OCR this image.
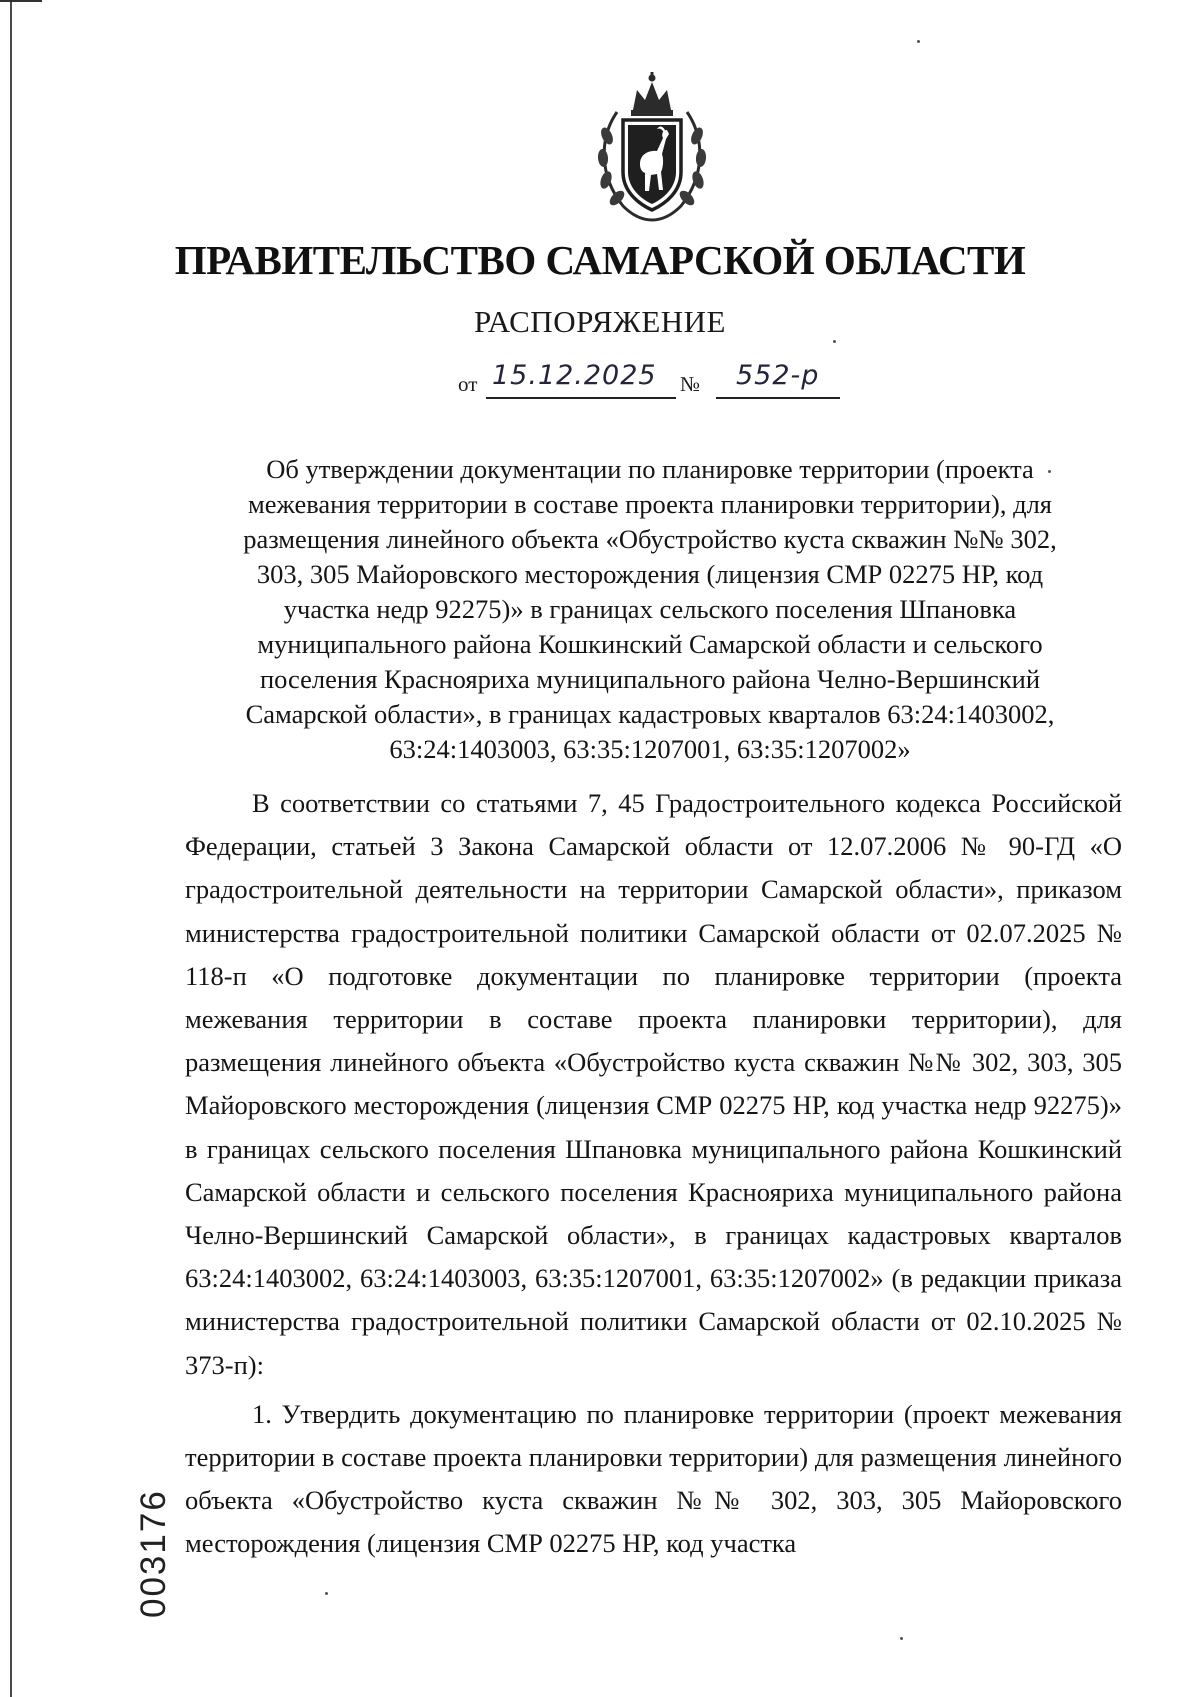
ПРАВИТЕЛЬСТВО САМАРСКОЙ ОБЛАСТИ
РАСПОРЯЖЕНИЕ
от 15.12.2025 № 552-р
Об утверждении документации по планировке территории (проекта межевания территории в составе проекта планировки территории), для размещения линейного объекта «Обустройство куста скважин №№ 302, 303, 305 Майоровского месторождения (лицензия СМР 02275 НР, код участка недр 92275)» в границах сельского поселения Шпановка муниципального района Кошкинский Самарской области и сельского поселения Краснояриха муниципального района Челно-Вершинский Самарской области», в границах кадастровых кварталов 63:24:1403002, 63:24:1403003, 63:35:1207001, 63:35:1207002»

В соответствии со статьями 7, 45 Градостроительного кодекса Российской Федерации, статьей 3 Закона Самарской области от 12.07.2006 № 90-ГД «О градостроительной деятельности на территории Самарской области», приказом министерства градостроительной политики Самарской области от 02.07.2025 № 118-п «О подготовке документации по планировке территории (проекта межевания территории в составе проекта планировки территории), для размещения линейного объекта «Обустройство куста скважин №№ 302, 303, 305 Майоровского месторождения (лицензия СМР 02275 НР, код участка недр 92275)» в границах сельского поселения Шпановка муниципального района Кошкинский Самарской области и сельского поселения Краснояриха муниципального района Челно-Вершинский Самарской области», в границах кадастровых кварталов 63:24:1403002, 63:24:1403003, 63:35:1207001, 63:35:1207002» (в редакции приказа министерства градостроительной политики Самарской области от 02.10.2025 № 373-п):

1. Утвердить документацию по планировке территории (проект межевания территории в составе проекта планировки территории) для размещения линейного объекта «Обустройство куста скважин №№ 302, 303, 305 Майоровского месторождения (лицензия СМР 02275 НР, код участка

003176
